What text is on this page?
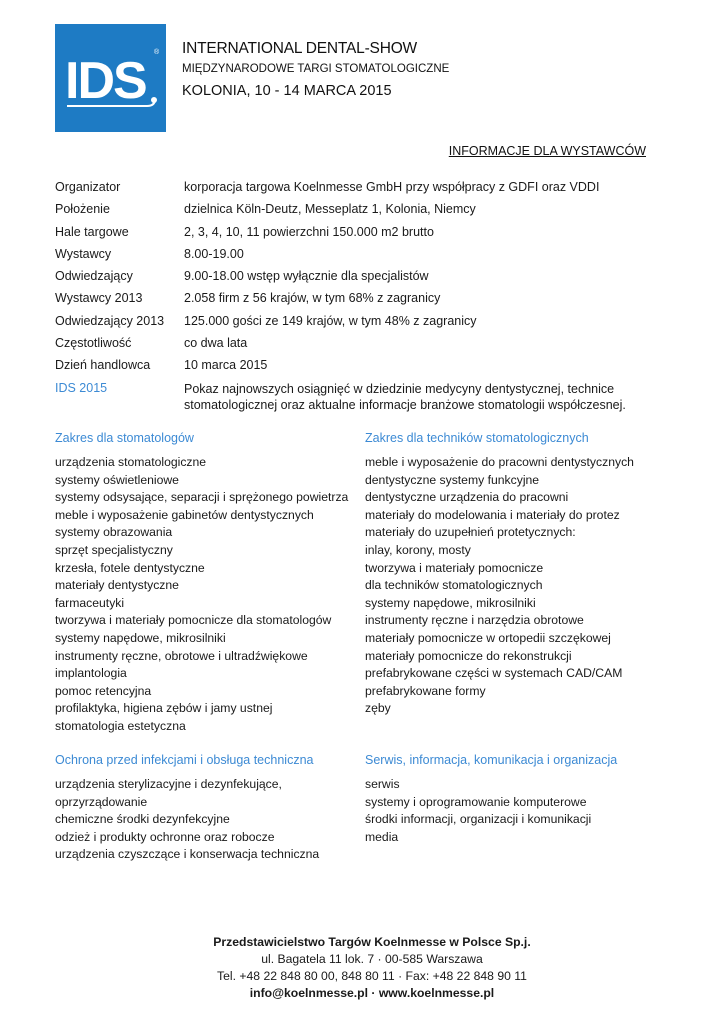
IDS ® INTERNATIONAL DENTAL-SHOW
MIĘDZYNARODOWE TARGI STOMATOLOGICZNE
KOLONIA, 10 - 14 MARCA 2015
INFORMACJE DLA WYSTAWCÓW
Organizator	korporacja targowa Koelnmesse GmbH przy współpracy z GDFI oraz VDDI
Położenie	dzielnica Köln-Deutz, Messeplatz 1, Kolonia, Niemcy
Hale targowe	2, 3, 4, 10, 11 powierzchni 150.000 m2 brutto
Wystawcy	8.00-19.00
Odwiedzający	9.00-18.00 wstęp wyłącznie dla specjalistów
Wystawcy 2013	2.058 firm z 56 krajów, w tym 68% z zagranicy
Odwiedzający 2013	125.000 gości ze 149 krajów, w tym 48% z zagranicy
Częstotliwość	co dwa lata
Dzień handlowca	10 marca 2015
IDS 2015	Pokaz najnowszych osiągnięć w dziedzinie medycyny dentystycznej, technice
stomatologicznej oraz aktualne informacje branżowe stomatologii współczesnej.
Zakres dla stomatologów
urządzenia stomatologiczne
systemy oświetleniowe
systemy odsysające, separacji i sprężonego powietrza
meble i wyposażenie gabinetów dentystycznych
systemy obrazowania
sprzęt specjalistyczny
krzesła, fotele dentystyczne
materiały dentystyczne
farmaceutyki
tworzywa i materiały pomocnicze dla stomatologów
systemy napędowe, mikrosilniki
instrumenty ręczne, obrotowe i ultradźwiękowe
implantologia
pomoc retencyjna
profilaktyka, higiena zębów i jamy ustnej
stomatologia estetyczna
Zakres dla techników stomatologicznych
meble i wyposażenie do pracowni dentystycznych
dentystyczne systemy funkcyjne
dentystyczne urządzenia do pracowni
materiały do modelowania i materiały do protez
materiały do uzupełnień protetycznych:
inlay, korony, mosty
tworzywa i materiały pomocnicze
dla techników stomatologicznych
systemy napędowe, mikrosilniki
instrumenty ręczne i narzędzia obrotowe
materiały pomocnicze w ortopedii szczękowej
materiały pomocnicze do rekonstrukcji
prefabrykowane części w systemach CAD/CAM
prefabrykowane formy
zęby
Ochrona przed infekcjami i obsługa techniczna
urządzenia sterylizacyjne i dezynfekujące,
oprzyrządowanie
chemiczne środki dezynfekcyjne
odzież i produkty ochronne oraz robocze
urządzenia czyszczące i konserwacja techniczna
Serwis, informacja, komunikacja i organizacja
serwis
systemy i oprogramowanie komputerowe
środki informacji, organizacji i komunikacji
media
Przedstawicielstwo Targów Koelnmesse w Polsce Sp.j.
ul. Bagatela 11 lok. 7 · 00-585 Warszawa
Tel. +48 22 848 80 00, 848 80 11 · Fax: +48 22 848 90 11
info@koelnmesse.pl · www.koelnmesse.pl
